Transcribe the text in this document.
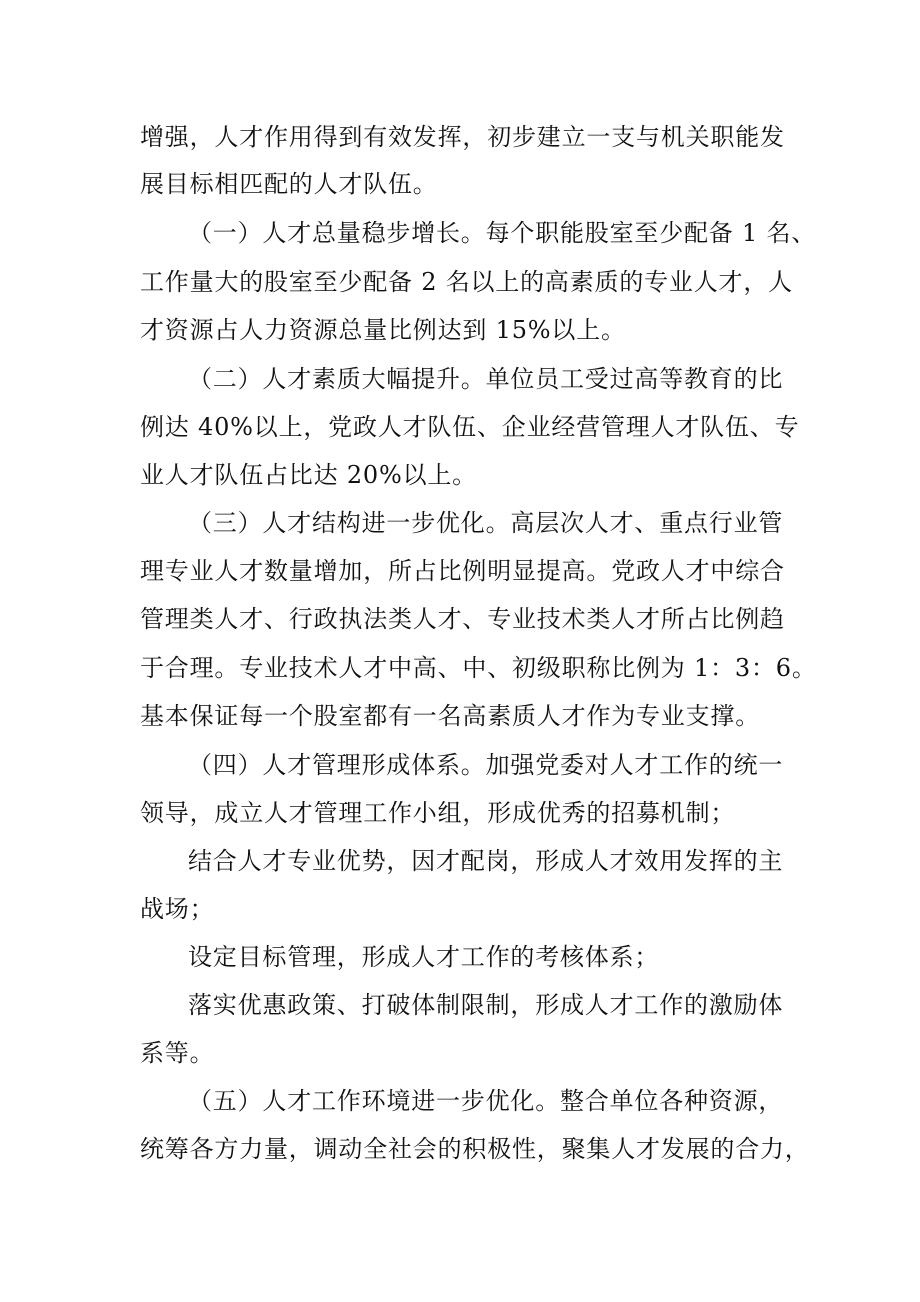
增强，人才作用得到有效发挥，初步建立一支与机关职能发
展目标相匹配的人才队伍。
（一）人才总量稳步增长。每个职能股室至少配备 1 名、
工作量大的股室至少配备 2 名以上的高素质的专业人才，人
才资源占人力资源总量比例达到 15%以上。
（二）人才素质大幅提升。单位员工受过高等教育的比
例达 40%以上，党政人才队伍、企业经营管理人才队伍、专
业人才队伍占比达 20%以上。
（三）人才结构进一步优化。高层次人才、重点行业管
理专业人才数量增加，所占比例明显提高。党政人才中综合
管理类人才、行政执法类人才、专业技术类人才所占比例趋
于合理。专业技术人才中高、中、初级职称比例为 1：3：6。
基本保证每一个股室都有一名高素质人才作为专业支撑。
（四）人才管理形成体系。加强党委对人才工作的统一
领导，成立人才管理工作小组，形成优秀的招募机制；
结合人才专业优势，因才配岗，形成人才效用发挥的主
战场；
设定目标管理，形成人才工作的考核体系；
落实优惠政策、打破体制限制，形成人才工作的激励体
系等。
（五）人才工作环境进一步优化。整合单位各种资源，
统筹各方力量，调动全社会的积极性，聚集人才发展的合力，
